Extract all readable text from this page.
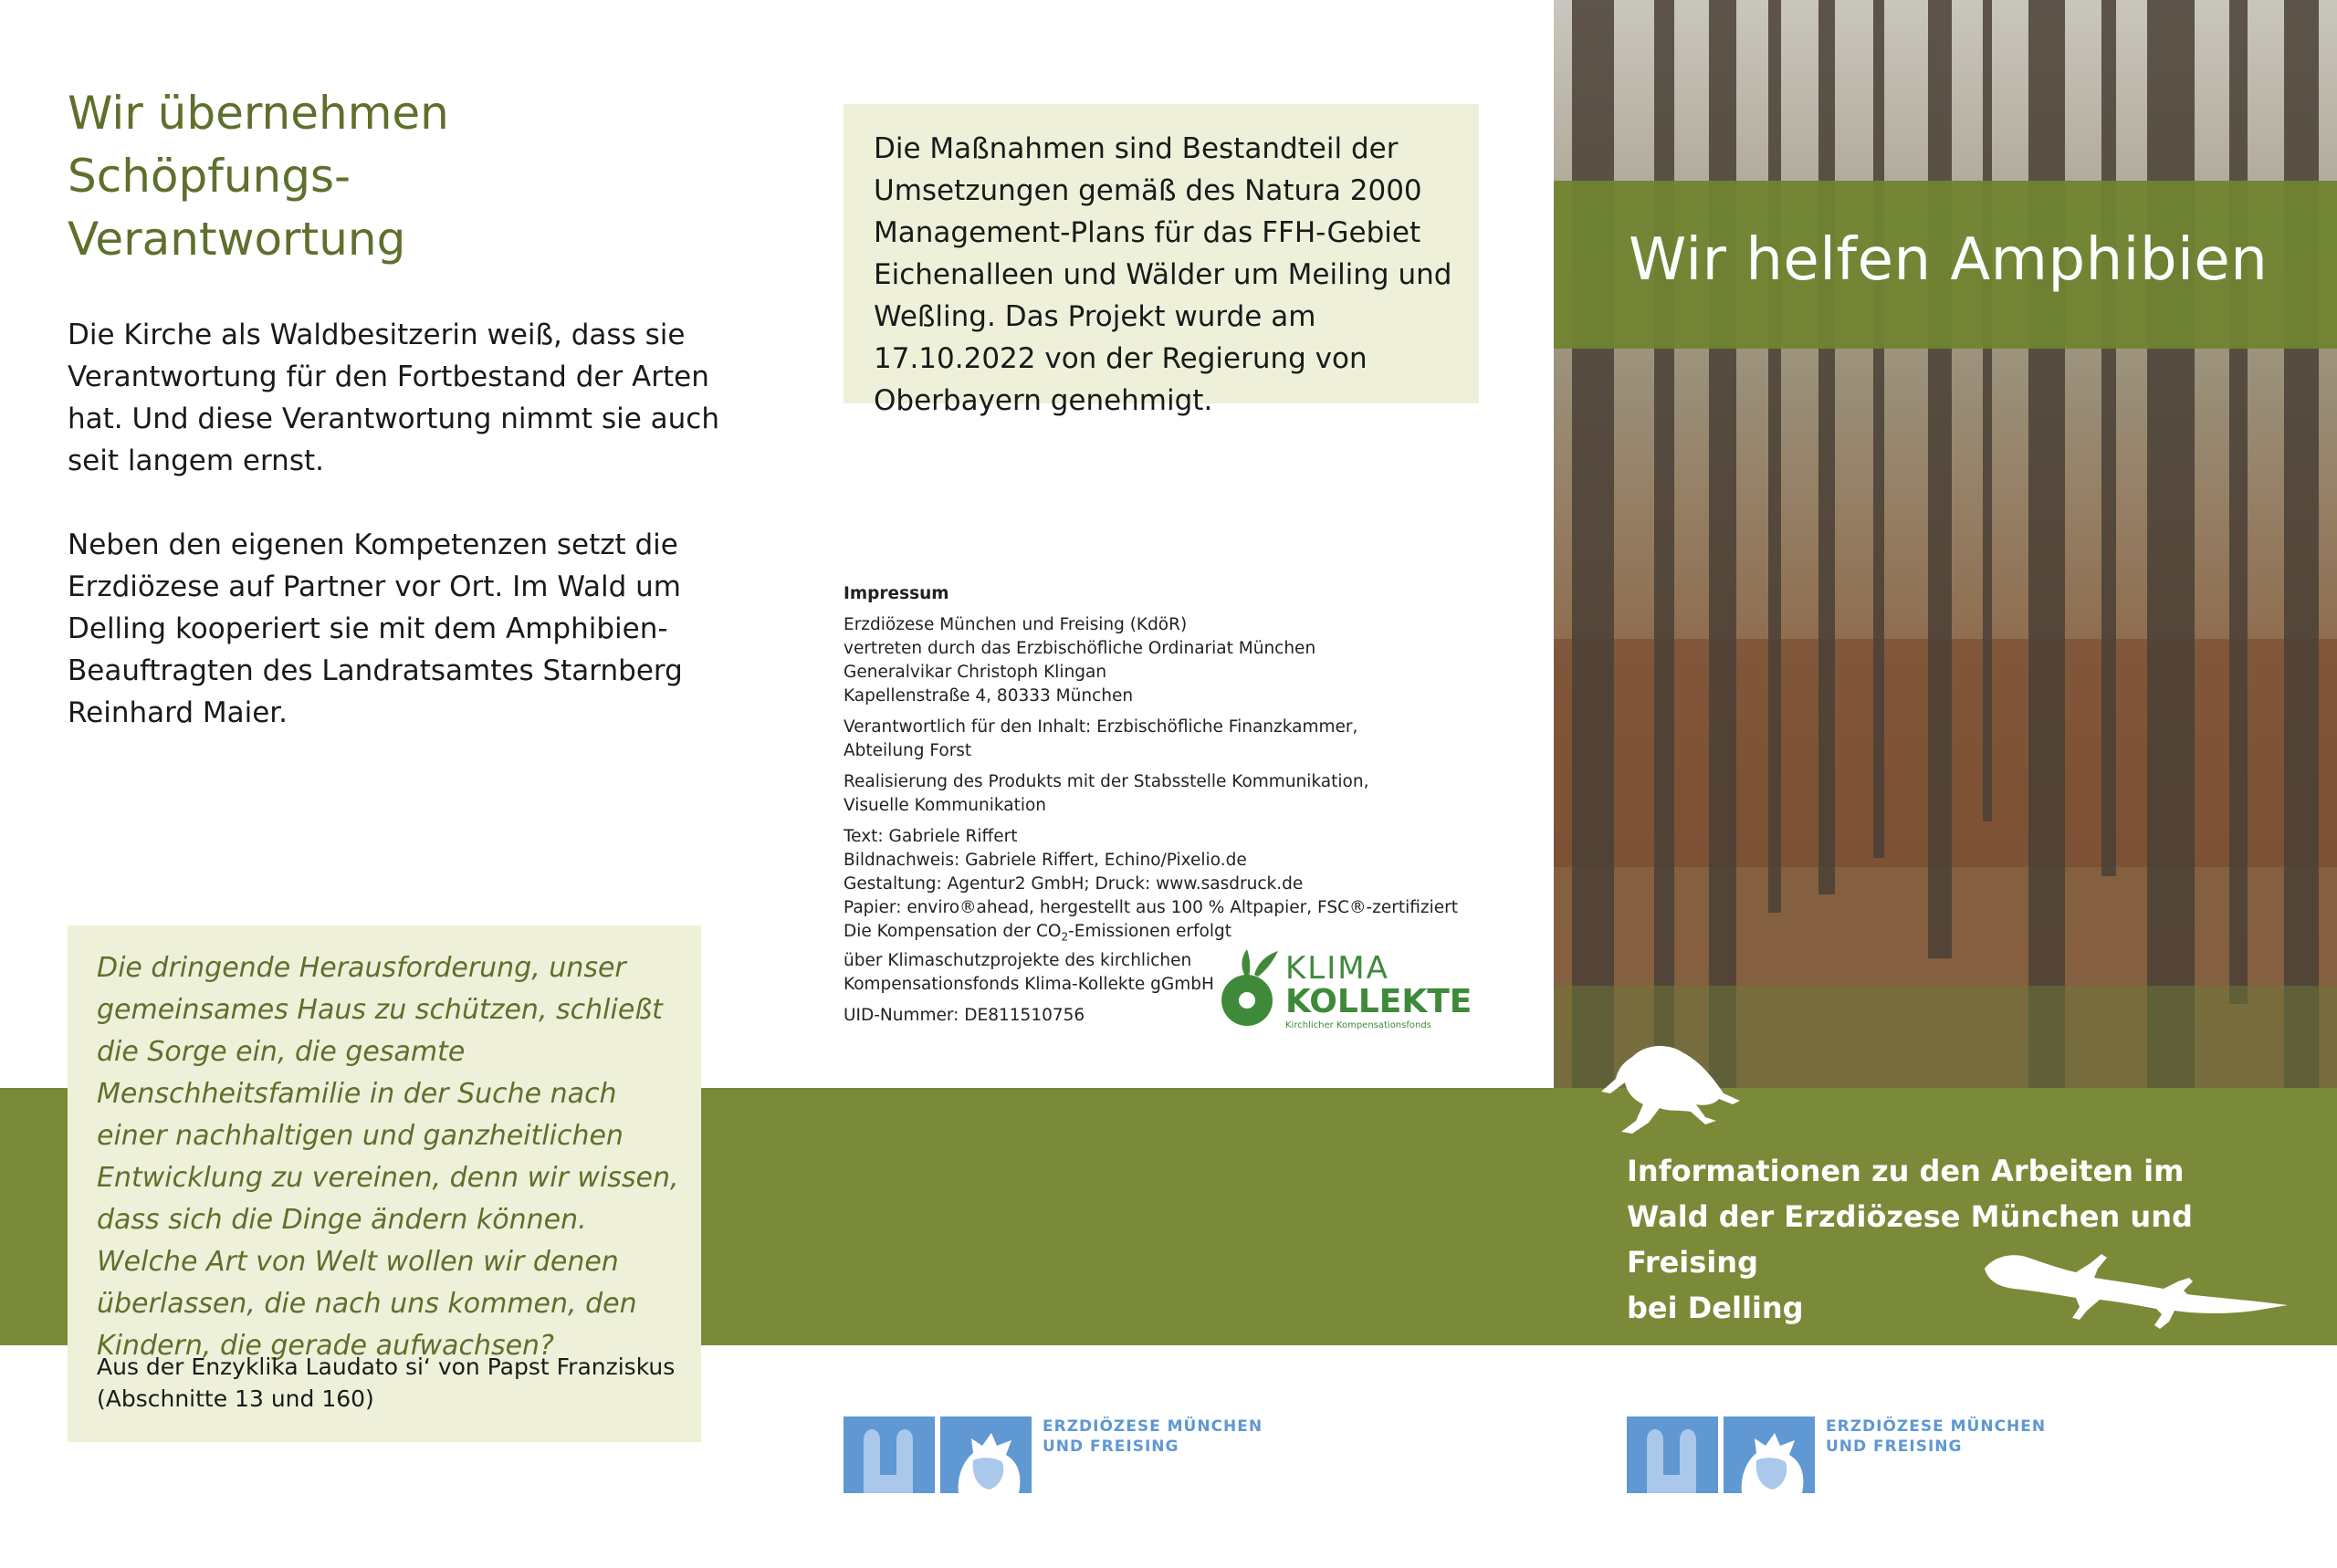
Wir helfen Amphibien
Wir übernehmen
Schöpfungs-
Verantwortung

Die Kirche als Waldbesitzerin weiß, dass sie Verantwortung für den Fortbestand der Arten hat. Und diese Verantwortung nimmt sie auch seit langem ernst.

Neben den eigenen Kompetenzen setzt die Erzdiözese auf Partner vor Ort. Im Wald um Delling kooperiert sie mit dem Amphibien-Beauftragten des Landratsamtes Starnberg Reinhard Maier.

Die dringende Herausforderung, unser gemeinsames Haus zu schützen, schließt die Sorge ein, die gesamte Menschheitsfamilie in der Suche nach einer nachhaltigen und ganzheitlichen Entwicklung zu vereinen, denn wir wissen, dass sich die Dinge ändern können. Welche Art von Welt wollen wir denen überlassen, die nach uns kommen, den Kindern, die gerade aufwachsen?

Aus der Enzyklika Laudato si‘ von Papst Franziskus (Abschnitte 13 und 160)

Die Maßnahmen sind Bestandteil der Umsetzungen gemäß des Natura 2000 Management-Plans für das FFH-Gebiet Eichenalleen und Wälder um Meiling und Weßling. Das Projekt wurde am 17.10.2022 von der Regierung von Oberbayern genehmigt.

Impressum

Erzdiözese München und Freising (KdöR)
vertreten durch das Erzbischöfliche Ordinariat München
Generalvikar Christoph Klingan
Kapellenstraße 4, 80333 München

Verantwortlich für den Inhalt: Erzbischöfliche Finanzkammer,
Abteilung Forst

Realisierung des Produkts mit der Stabsstelle Kommunikation,
Visuelle Kommunikation

Text: Gabriele Riffert
Bildnachweis: Gabriele Riffert, Echino/Pixelio.de
Gestaltung: Agentur2 GmbH; Druck: www.sasdruck.de
Papier: enviro®ahead, hergestellt aus 100 % Altpapier, FSC®-zertifiziert
Die Kompensation der $CO_2$-Emissionen erfolgt
über Klimaschutzprojekte des kirchlichen
Kompensationsfonds Klima-Kollekte gGmbH

UID-Nummer: DE811510756

KLIMA
KOLLEKTE
Kirchlicher Kompensationsfonds

Informationen zu den Arbeiten im
Wald der Erzdiözese München und Freising
bei Delling

ERZDIÖZESE MÜNCHEN
UND FREISING
ERZDIÖZESE MÜNCHEN
UND FREISING
